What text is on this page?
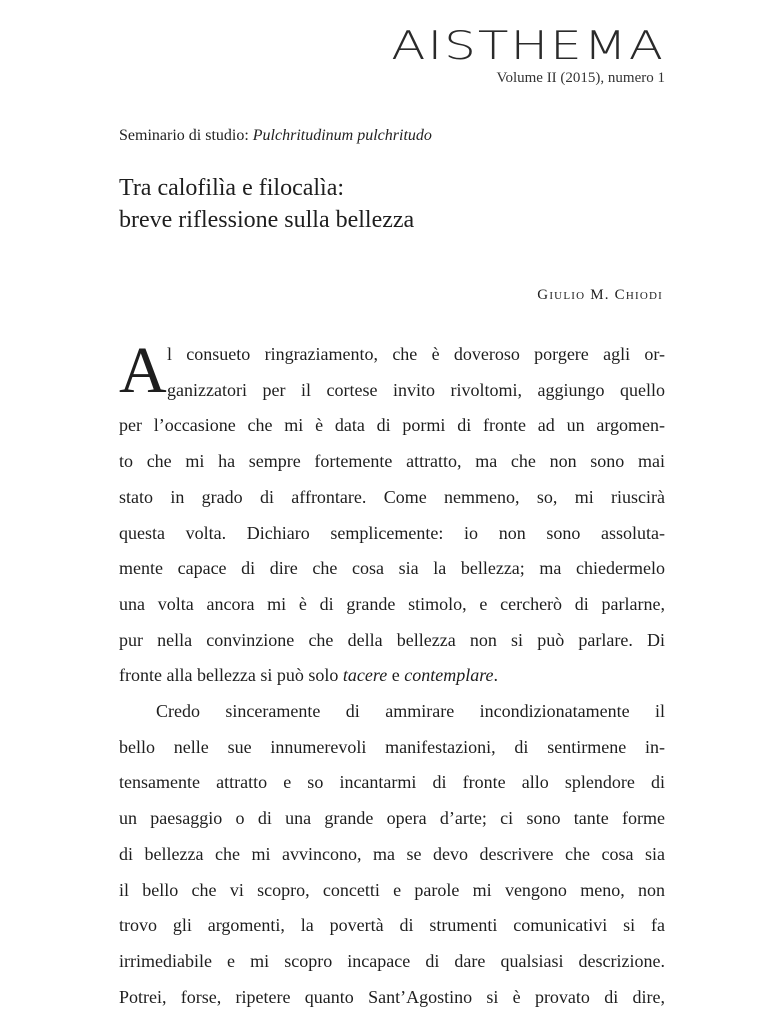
AISTHEMA
Volume II (2015), numero 1
Seminario di studio: Pulchritudinum pulchritudo
Tra calofilìa e filocalìa:
breve riflessione sulla bellezza
Giulio M. Chiodi
A l consueto ringraziamento, che è doveroso porgere agli or-
ganizzatori per il cortese invito rivoltomi, aggiungo quello
per l’occasione che mi è data di pormi di fronte ad un argomen-
to che mi ha sempre fortemente attratto, ma che non sono mai
stato in grado di affrontare. Come nemmeno, so, mi riuscirà
questa volta. Dichiaro semplicemente: io non sono assoluta-
mente capace di dire che cosa sia la bellezza; ma chiedermelo
una volta ancora mi è di grande stimolo, e cercherò di parlarne,
pur nella convinzione che della bellezza non si può parlare. Di
fronte alla bellezza si può solo tacere e contemplare.
Credo sinceramente di ammirare incondizionatamente il
bello nelle sue innumerevoli manifestazioni, di sentirmene in-
tensamente attratto e so incantarmi di fronte allo splendore di
un paesaggio o di una grande opera d’arte; ci sono tante forme
di bellezza che mi avvincono, ma se devo descrivere che cosa sia
il bello che vi scopro, concetti e parole mi vengono meno, non
trovo gli argomenti, la povertà di strumenti comunicativi si fa
irrimediabile e mi scopro incapace di dare qualsiasi descrizione.
Potrei, forse, ripetere quanto Sant’Agostino si è provato di dire,
